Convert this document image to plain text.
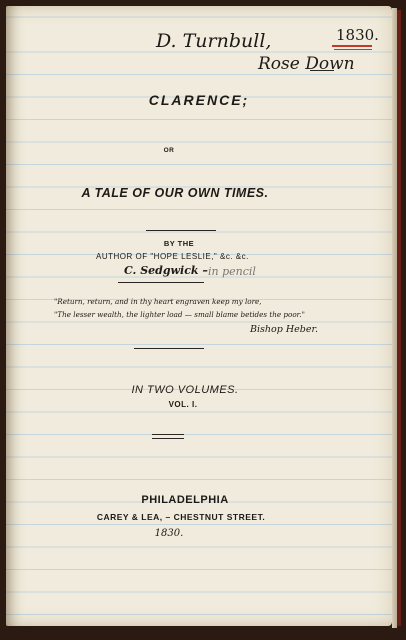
D. Turnbull,

Rose Down

1830.

CLARENCE;

OR

A TALE OF OUR OWN TIMES.

BY THE

AUTHOR OF "HOPE LESLIE," &c. &c.

C. Sedgwick – in pencil

"Return, return, and in thy heart engraven keep my lore,

"The lesser wealth, the lighter load — small blame betides the poor."

Bishop Heber.

IN TWO VOLUMES.

VOL. I.

PHILADELPHIA

CAREY & LEA, – CHESTNUT STREET.

1830.
